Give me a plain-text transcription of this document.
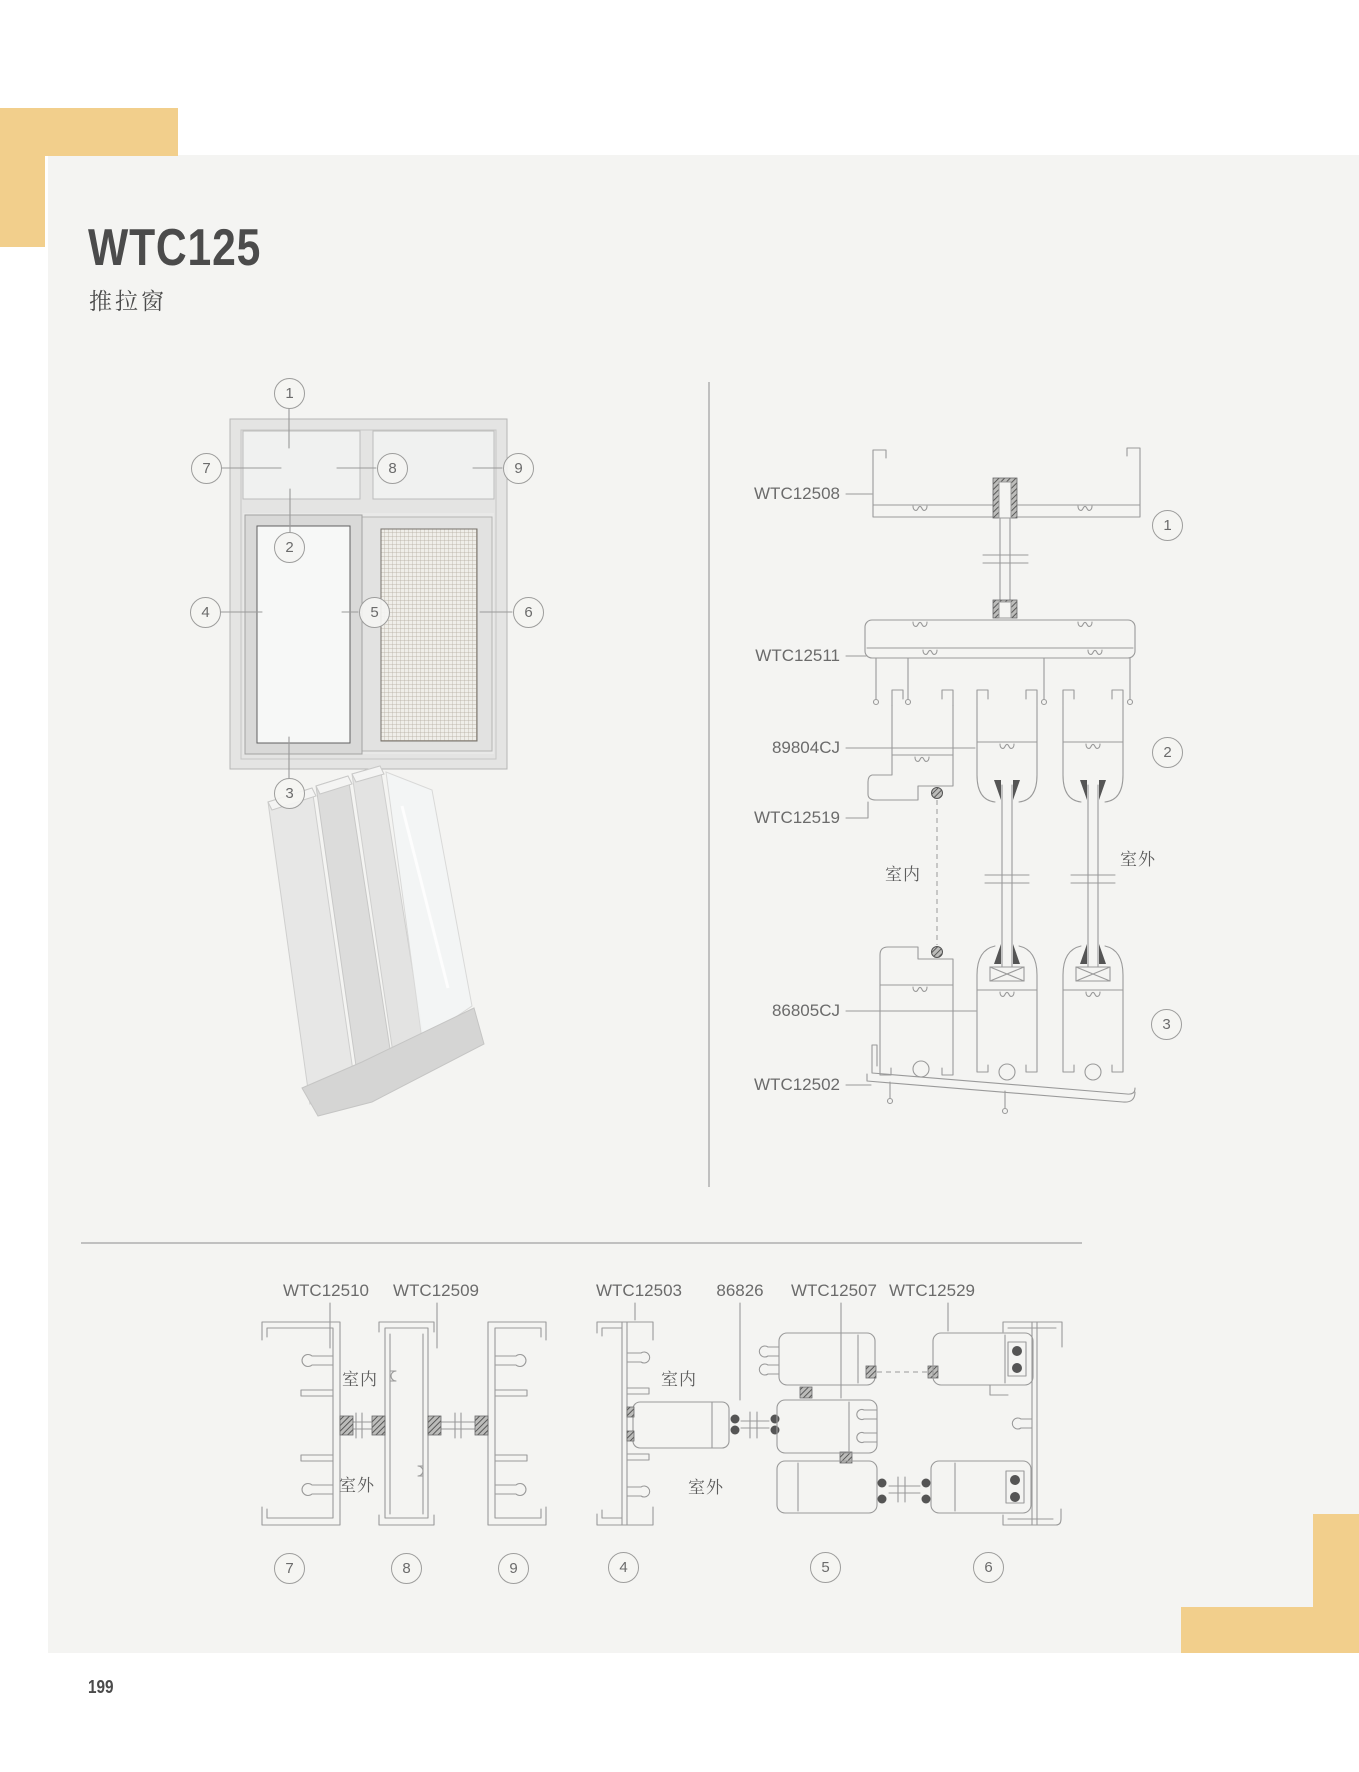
WTC125
推拉窗
199
WTC12508
WTC12511
89804CJ
WTC12519
86805CJ
WTC12502
室内
室外
WTC12510	WTC12509
室内
室外
WTC12503	86826	WTC12507 WTC12529
室内
室外
1
2
3
4	5	6
7	8	9
1
2
3
7	8	9	4	5	6
